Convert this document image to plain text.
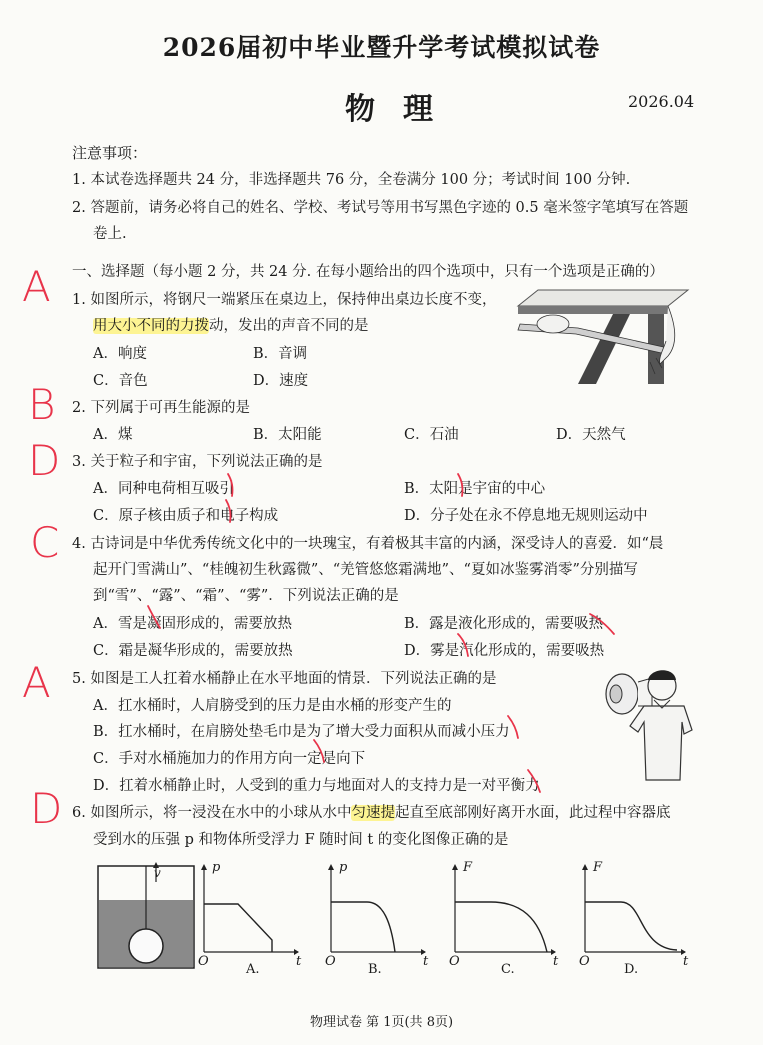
2026届初中毕业暨升学考试模拟试卷
物理	2026.04
注意事项：
1. 本试卷选择题共 24 分，非选择题共 76 分，全卷满分 100 分；考试时间 100 分钟.
2. 答题前，请务必将自己的姓名、学校、考试号等用书写黑色字迹的 0.5 毫米签字笔填写在答题
卷上.
一、选择题（每小题 2 分，共 24 分. 在每小题给出的四个选项中，只有一个选项是正确的）
A
B
D
C
A
D
1. 如图所示，将钢尺一端紧压在桌边上，保持伸出桌边长度不变，
用大小不同的力拨动，发出的声音不同的是
A．响度	B．音调
C．音色	D．速度
2. 下列属于可再生能源的是
A．煤	B．太阳能	C．石油	D．天然气
3. 关于粒子和宇宙，下列说法正确的是
A．同种电荷相互吸引	B．太阳是宇宙的中心
C．原子核由质子和电子构成	D．分子处在永不停息地无规则运动中
4. 古诗词是中华优秀传统文化中的一块瑰宝，有着极其丰富的内涵，深受诗人的喜爱．如“晨
起开门雪满山”、“桂魄初生秋露微”、“羌管悠悠霜满地”、“夏如冰鉴雾消零”分别描写
到“雪”、“露”、“霜”、“雾”．下列说法正确的是
A．雪是凝固形成的，需要放热	B．露是液化形成的，需要吸热
C．霜是凝华形成的，需要放热	D．雾是汽化形成的，需要吸热
5. 如图是工人扛着水桶静止在水平地面的情景．下列说法正确的是
A．扛水桶时，人肩膀受到的压力是由水桶的形变产生的
B．扛水桶时，在肩膀处垫毛巾是为了增大受力面积从而减小压力
C．手对水桶施加力的作用方向一定是向下
D．扛着水桶静止时，人受到的重力与地面对人的支持力是一对平衡力
6. 如图所示，将一浸没在水中的小球从水中匀速提起直至底部刚好离开水面，此过程中容器底
受到水的压强 p 和物体所受浮力 F 随时间 t 的变化图像正确的是
v	p
O	t
A.
p
O	t
B.
F
O	t
C.
F
O	t
D.
物理试卷 第 1页(共 8页)
